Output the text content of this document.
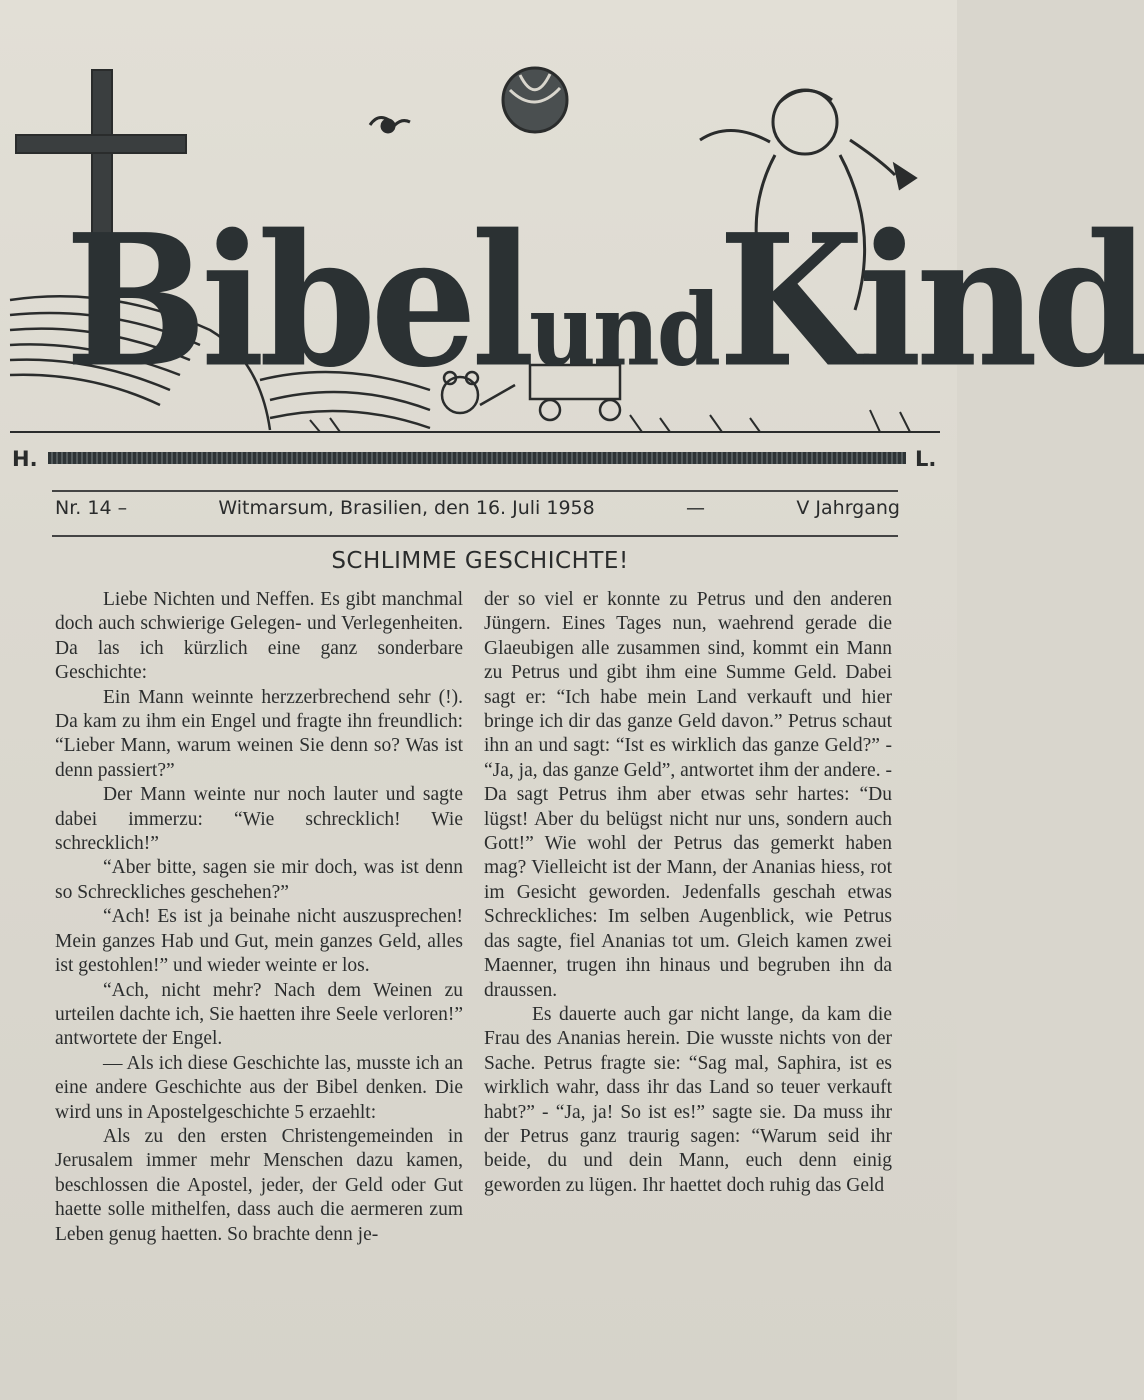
BibelundKind
H.	L.
Nr. 14 –	Witmarsum, Brasilien, den 16. Juli 1958	—	V Jahrgang
SCHLIMME GESCHICHTE!

Liebe Nichten und Neffen. Es gibt manchmal doch auch schwierige Gelegen- und Verlegenheiten. Da las ich kürzlich eine ganz sonderbare Geschichte:

Ein Mann weinnte herzzerbrechend sehr (!). Da kam zu ihm ein Engel und fragte ihn freundlich: “Lieber Mann, warum weinen Sie denn so? Was ist denn passiert?”

Der Mann weinte nur noch lauter und sagte dabei immerzu: “Wie schrecklich! Wie schrecklich!”

“Aber bitte, sagen sie mir doch, was ist denn so Schreckliches geschehen?”

“Ach! Es ist ja beinahe nicht auszusprechen! Mein ganzes Hab und Gut, mein ganzes Geld, alles ist gestohlen!” und wieder weinte er los.

“Ach, nicht mehr? Nach dem Weinen zu urteilen dachte ich, Sie haetten ihre Seele verloren!” antwortete der Engel.

— Als ich diese Geschichte las, musste ich an eine andere Geschichte aus der Bibel denken. Die wird uns in Apostelgeschichte 5 erzaehlt:

Als zu den ersten Christengemeinden in Jerusalem immer mehr Menschen dazu kamen, beschlossen die Apostel, jeder, der Geld oder Gut haette solle mithelfen, dass auch die aermeren zum Leben genug haetten. So brachte denn je-

der so viel er konnte zu Petrus und den anderen Jüngern. Eines Tages nun, waehrend gerade die Glaeubigen alle zusammen sind, kommt ein Mann zu Petrus und gibt ihm eine Summe Geld. Dabei sagt er: “Ich habe mein Land verkauft und hier bringe ich dir das ganze Geld davon.” Petrus schaut ihn an und sagt: “Ist es wirklich das ganze Geld?” - “Ja, ja, das ganze Geld”, antwortet ihm der andere. - Da sagt Petrus ihm aber etwas sehr hartes: “Du lügst! Aber du belügst nicht nur uns, sondern auch Gott!” Wie wohl der Petrus das gemerkt haben mag? Vielleicht ist der Mann, der Ananias hiess, rot im Gesicht geworden. Jedenfalls geschah etwas Schreckliches: Im selben Augenblick, wie Petrus das sagte, fiel Ananias tot um. Gleich kamen zwei Maenner, trugen ihn hinaus und begruben ihn da draussen.

Es dauerte auch gar nicht lange, da kam die Frau des Ananias herein. Die wusste nichts von der Sache. Petrus fragte sie: “Sag mal, Saphira, ist es wirklich wahr, dass ihr das Land so teuer verkauft habt?” - “Ja, ja! So ist es!” sagte sie. Da muss ihr der Petrus ganz traurig sagen: “Warum seid ihr beide, du und dein Mann, euch denn einig geworden zu lügen. Ihr haettet doch ruhig das Geld
